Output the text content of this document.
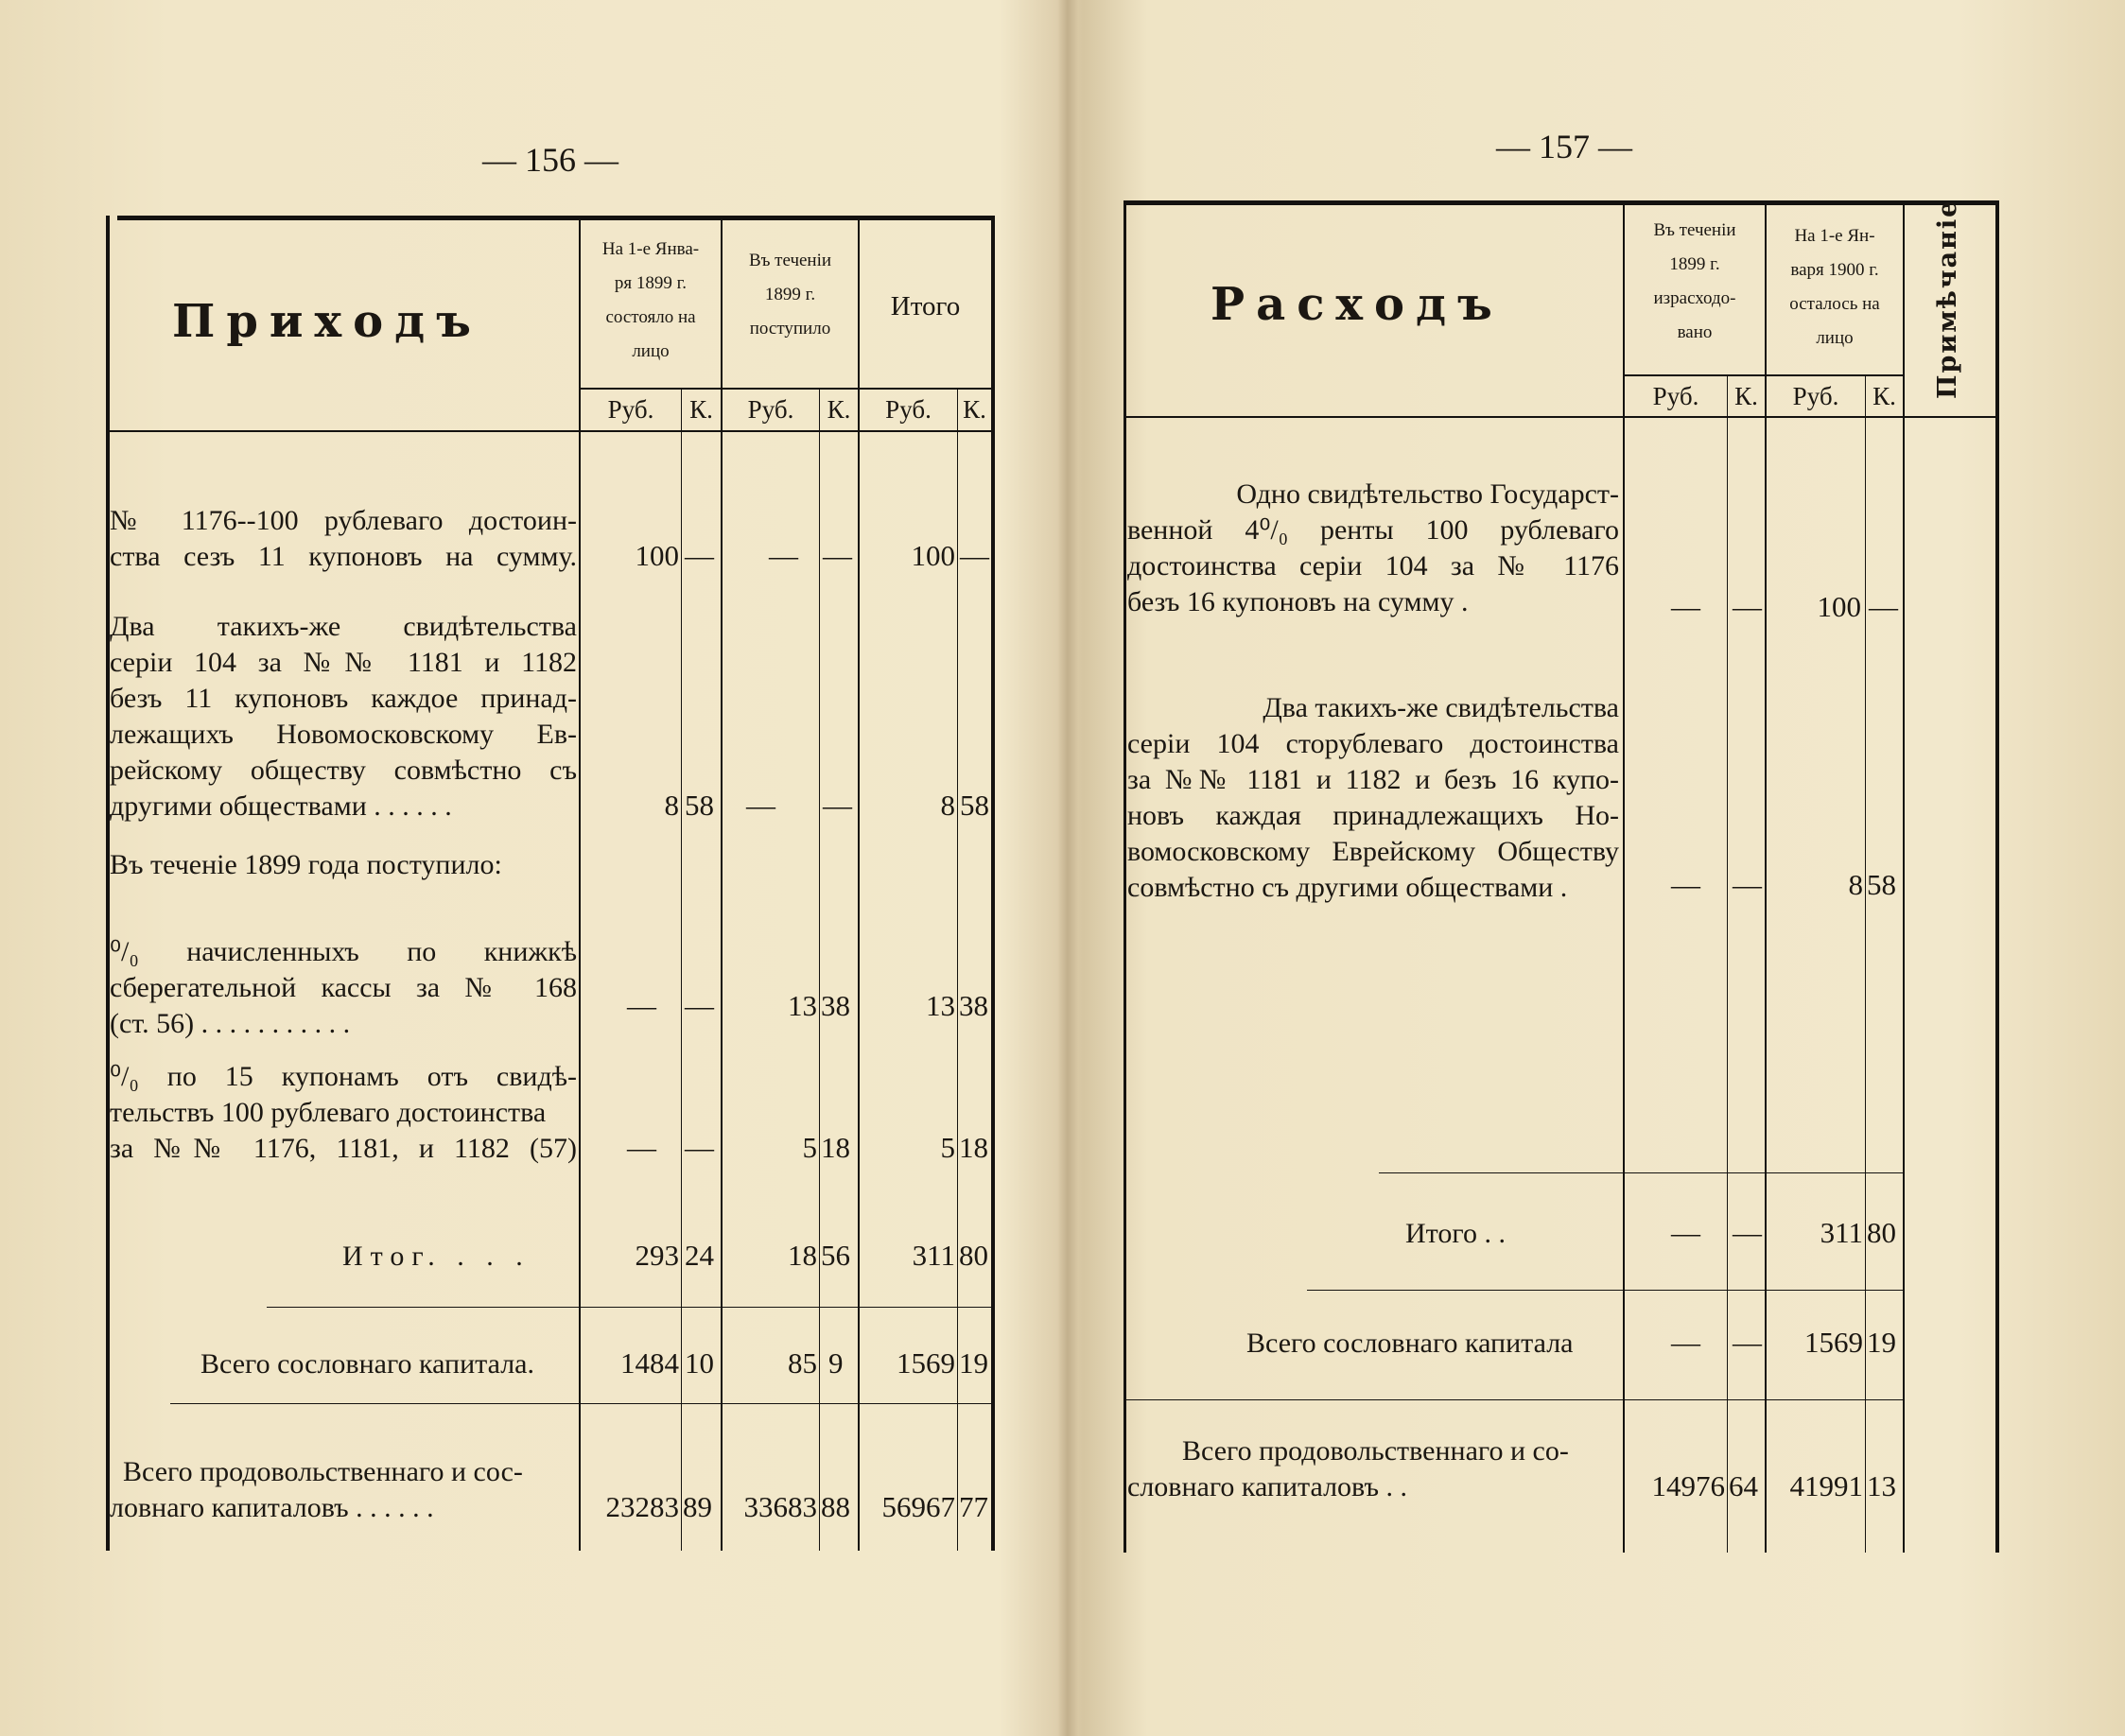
— 156 —
Приходъ
На 1-е Янва-
ря 1899 г.
состояло на
лицо
Въ теченіи
1899 г.
поступило
Итого
Руб.	К.	Руб.	К.	Руб.	К.
№ 1176--100 рублеваго достоин-
ства сезъ 11 купоновъ на сумму.	100 —	— —	100 —
Два такихъ-же свидѣтельства
серіи 104 за №№ 1181 и 1182
безъ 11 купоновъ каждое принад-
лежащихъ Новомосковскому Ев-
рейскому обществу совмѣстно съ
другими обществами . . . . . .	8 58	— —	8 58
Въ теченіе 1899 года поступило:
⁰/₀ начисленныхъ по книжкѣ
сберегательной кассы за № 168
(ст. 56) . . . . . . . . . . .
— —	13 38	13 38
⁰/₀ по 15 купонамъ отъ свидѣ-
тельствъ 100 рублеваго достоинства
за №№ 1176, 1181, и 1182 (57)	— —	5 18	5 18
Итог. . . .	293 24	18 56	311 80
Всего сословнаго капитала.	1484 10	85 9	1569 19
Всего продовольственнаго и сос-
ловнаго капиталовъ . . . . . .	23283 89	33683 88	56967 77
— 157 —
Расходъ
Въ теченіи
1899 г.
израсходо-
вано
На 1-е Ян-
варя 1900 г.
осталось на
лицо	Примѣчаніе
Руб.	К.	Руб.	К.
Одно свидѣтельство Государст-
венной 4⁰/₀ ренты 100 рублеваго
достоинства серіи 104 за № 1176
безъ 16 купоновъ на сумму .	— —	100 —
Два такихъ-же свидѣтельства
серіи 104 сторублеваго достоинства
за №№ 1181 и 1182 и безъ 16 купо-
новъ каждая принадлежащихъ Но-
вомосковскому Еврейскому Обществу
совмѣстно съ другими обществами .	— —	8 58
Итого . .	— —	311 80
Всего сословнаго капитала	— —	1569 19
Всего продовольственнаго и со-
словнаго капиталовъ . .	14976 64	41991 13
